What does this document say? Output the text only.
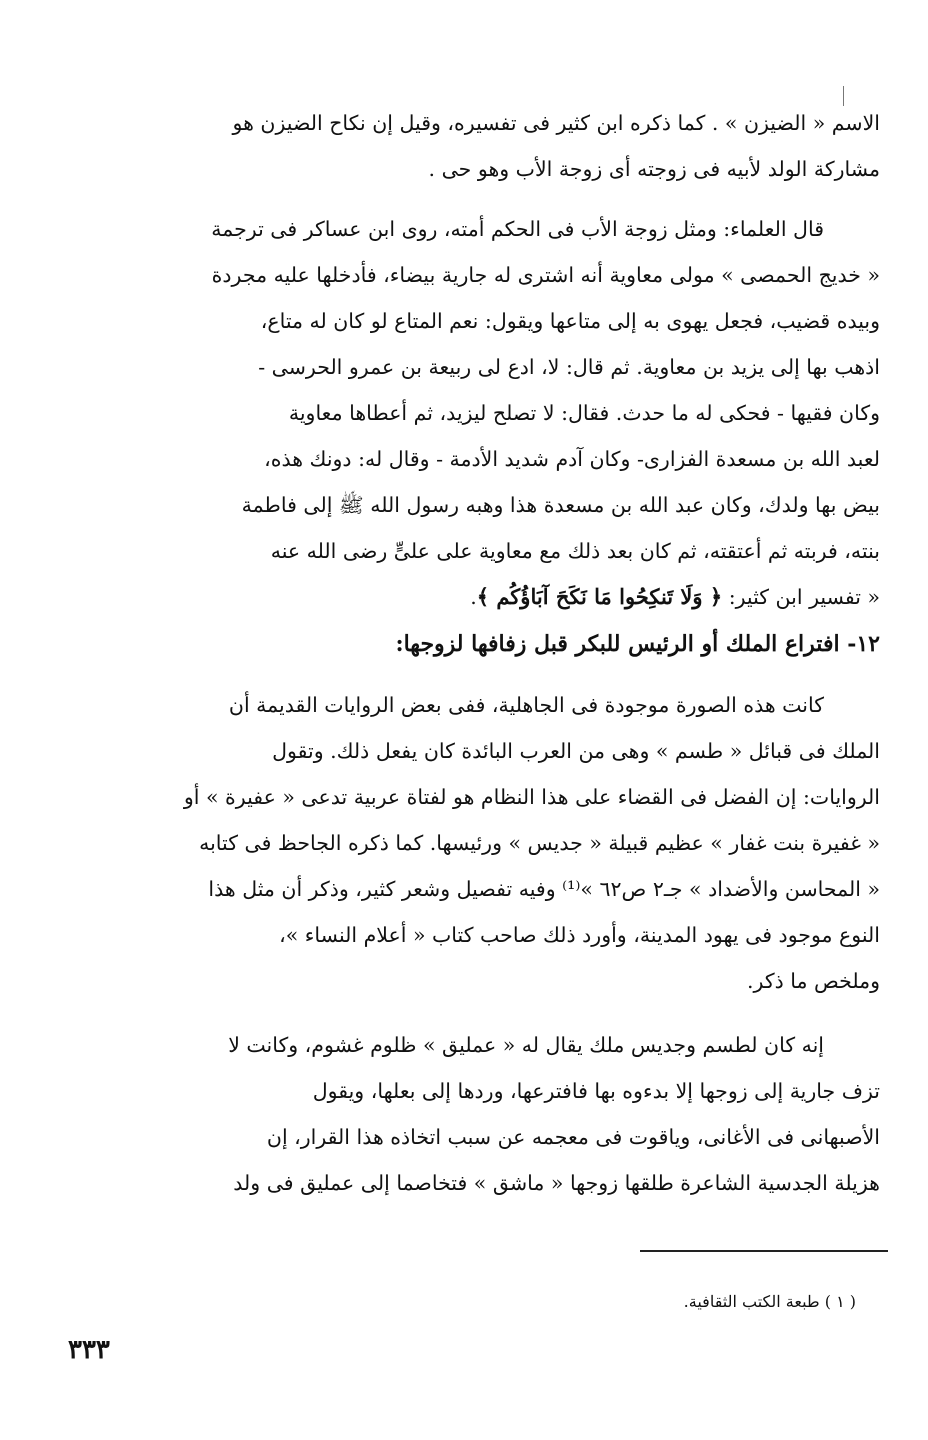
الاسم « الضيزن » . كما ذكره ابن كثير فى تفسيره، وقيل إن نكاح الضيزن هو
مشاركة الولد لأبيه فى زوجته أى زوجة الأب وهو حى .
قال العلماء: ومثل زوجة الأب فى الحكم أمته، روى ابن عساكر فى ترجمة
« خديج الحمصى » مولى معاوية أنه اشترى له جارية بيضاء، فأدخلها عليه مجردة
وبيده قضيب، فجعل يهوى به إلى متاعها ويقول: نعم المتاع لو كان له متاع،
اذهب بها إلى يزيد بن معاوية. ثم قال: لا، ادع لى ربيعة بن عمرو الحرسى -
وكان فقيها - فحكى له ما حدث. فقال: لا تصلح ليزيد، ثم أعطاها معاوية
لعبد الله بن مسعدة الفزارى- وكان آدم شديد الأدمة - وقال له: دونك هذه،
بيض بها ولدك، وكان عبد الله بن مسعدة هذا وهبه رسول الله ﷺ إلى فاطمة
بنته، فربته ثم أعتقته، ثم كان بعد ذلك مع معاوية على علىٍّ رضى الله عنه
« تفسير ابن كثير: ﴿ وَلَا تَنكِحُوا مَا نَكَحَ آبَاؤُكُم ﴾.
١٢- افتراع الملك أو الرئيس للبكر قبل زفافها لزوجها:
كانت هذه الصورة موجودة فى الجاهلية، ففى بعض الروايات القديمة أن
الملك فى قبائل « طسم » وهى من العرب البائدة كان يفعل ذلك. وتقول
الروايات: إن الفضل فى القضاء على هذا النظام هو لفتاة عربية تدعى « عفيرة » أو
« غفيرة بنت غفار » عظيم قبيلة « جديس » ورئيسها. كما ذكره الجاحظ فى كتابه
« المحاسن والأضداد » جـ٢ ص٦٢ »⁽¹⁾ وفيه تفصيل وشعر كثير، وذكر أن مثل هذا
النوع موجود فى يهود المدينة، وأورد ذلك صاحب كتاب « أعلام النساء »،
وملخص ما ذكر.
إنه كان لطسم وجديس ملك يقال له « عمليق » ظلوم غشوم، وكانت لا
تزف جارية إلى زوجها إلا بدءوه بها فافترعها، وردها إلى بعلها، ويقول
الأصبهانى فى الأغانى، وياقوت فى معجمه عن سبب اتخاذه هذا القرار، إن
هزيلة الجدسية الشاعرة طلقها زوجها « ماشق » فتخاصما إلى عمليق فى ولد
( ١ ) طبعة الكتب الثقافية.
٣٣٣
